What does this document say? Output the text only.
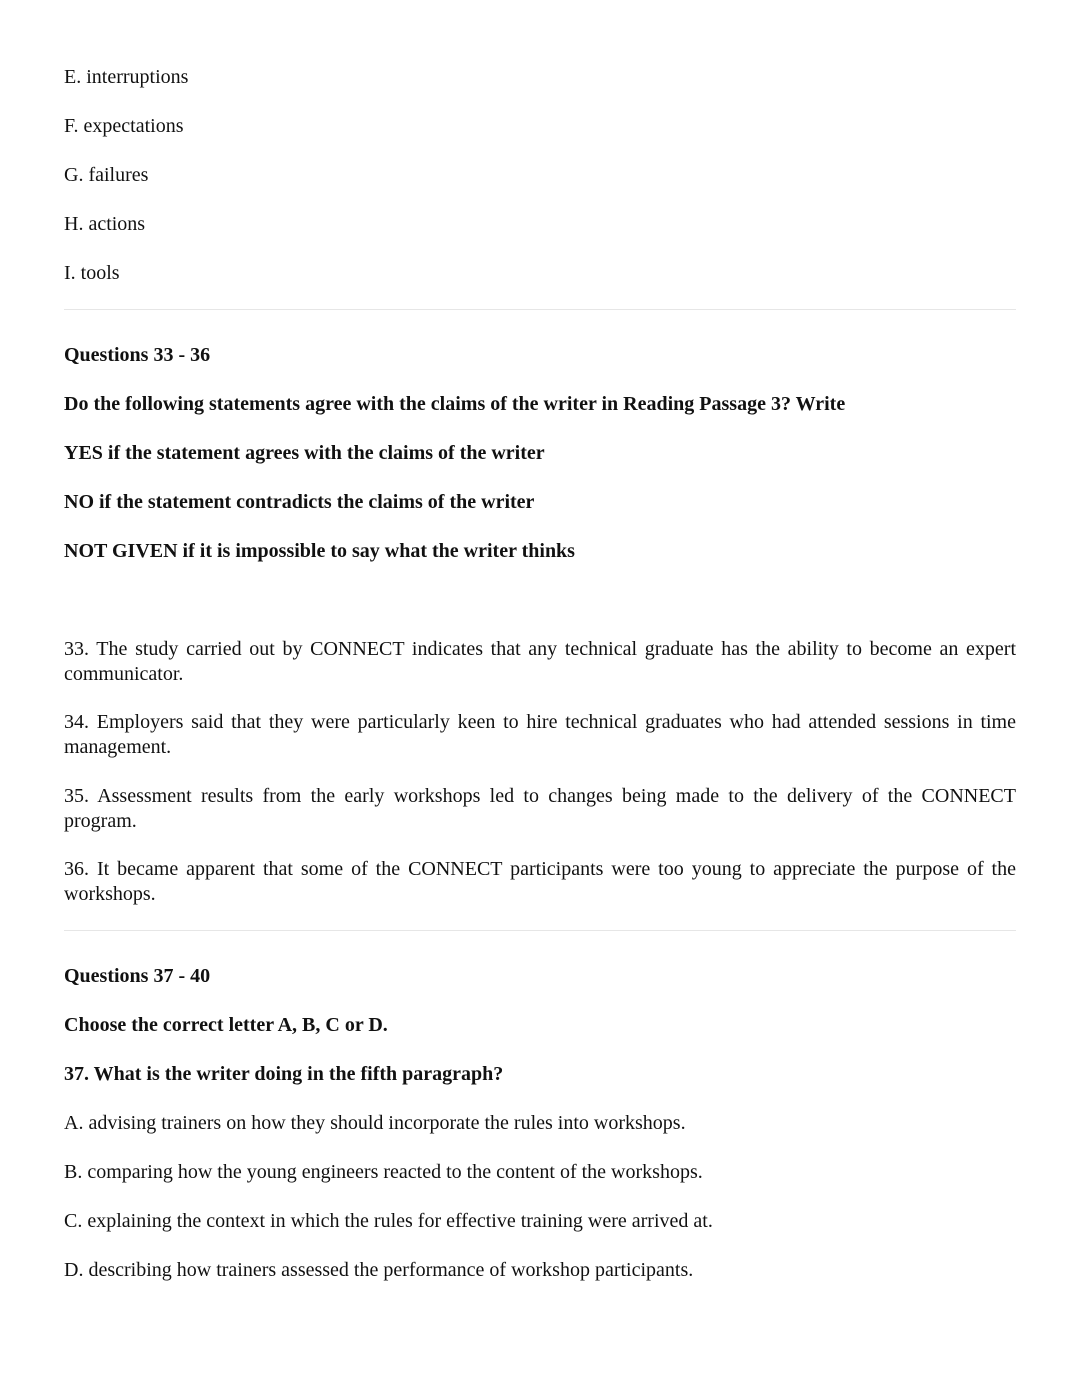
E. interruptions
F. expectations
G. failures
H. actions
I. tools
Questions 33 - 36
Do the following statements agree with the claims of the writer in Reading Passage 3? Write
YES if the statement agrees with the claims of the writer
NO if the statement contradicts the claims of the writer
NOT GIVEN if it is impossible to say what the writer thinks
33. The study carried out by CONNECT indicates that any technical graduate has the ability to become an expert communicator.
34. Employers said that they were particularly keen to hire technical graduates who had attended sessions in time management.
35. Assessment results from the early workshops led to changes being made to the delivery of the CONNECT program.
36. It became apparent that some of the CONNECT participants were too young to appreciate the purpose of the workshops.
Questions 37 - 40
Choose the correct letter A, B, C or D.
37. What is the writer doing in the fifth paragraph?
A. advising trainers on how they should incorporate the rules into workshops.
B. comparing how the young engineers reacted to the content of the workshops.
C. explaining the context in which the rules for effective training were arrived at.
D. describing how trainers assessed the performance of workshop participants.
